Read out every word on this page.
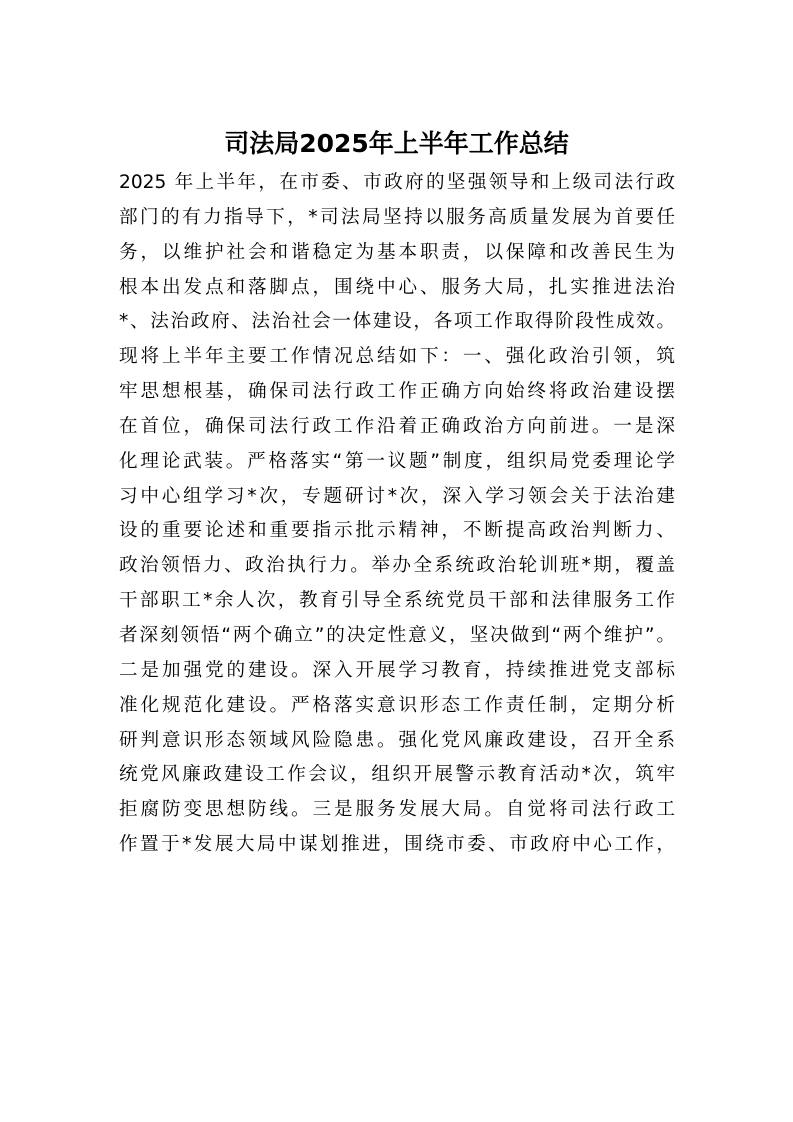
司法局2025年上半年工作总结
2025 年上半年，在市委、市政府的坚强领导和上级司法行政
部门的有力指导下，*司法局坚持以服务高质量发展为首要任
务，以维护社会和谐稳定为基本职责，以保障和改善民生为
根本出发点和落脚点，围绕中心、服务大局，扎实推进法治
*、法治政府、法治社会一体建设，各项工作取得阶段性成效。
现将上半年主要工作情况总结如下：一、强化政治引领，筑
牢思想根基，确保司法行政工作正确方向始终将政治建设摆
在首位，确保司法行政工作沿着正确政治方向前进。一是深
化理论武装。严格落实“第一议题”制度，组织局党委理论学
习中心组学习*次，专题研讨*次，深入学习领会关于法治建
设的重要论述和重要指示批示精神，不断提高政治判断力、
政治领悟力、政治执行力。举办全系统政治轮训班*期，覆盖
干部职工*余人次，教育引导全系统党员干部和法律服务工作
者深刻领悟“两个确立”的决定性意义，坚决做到“两个维护”。
二是加强党的建设。深入开展学习教育，持续推进党支部标
准化规范化建设。严格落实意识形态工作责任制，定期分析
研判意识形态领域风险隐患。强化党风廉政建设，召开全系
统党风廉政建设工作会议，组织开展警示教育活动*次，筑牢
拒腐防变思想防线。三是服务发展大局。自觉将司法行政工
作置于*发展大局中谋划推进，围绕市委、市政府中心工作，
